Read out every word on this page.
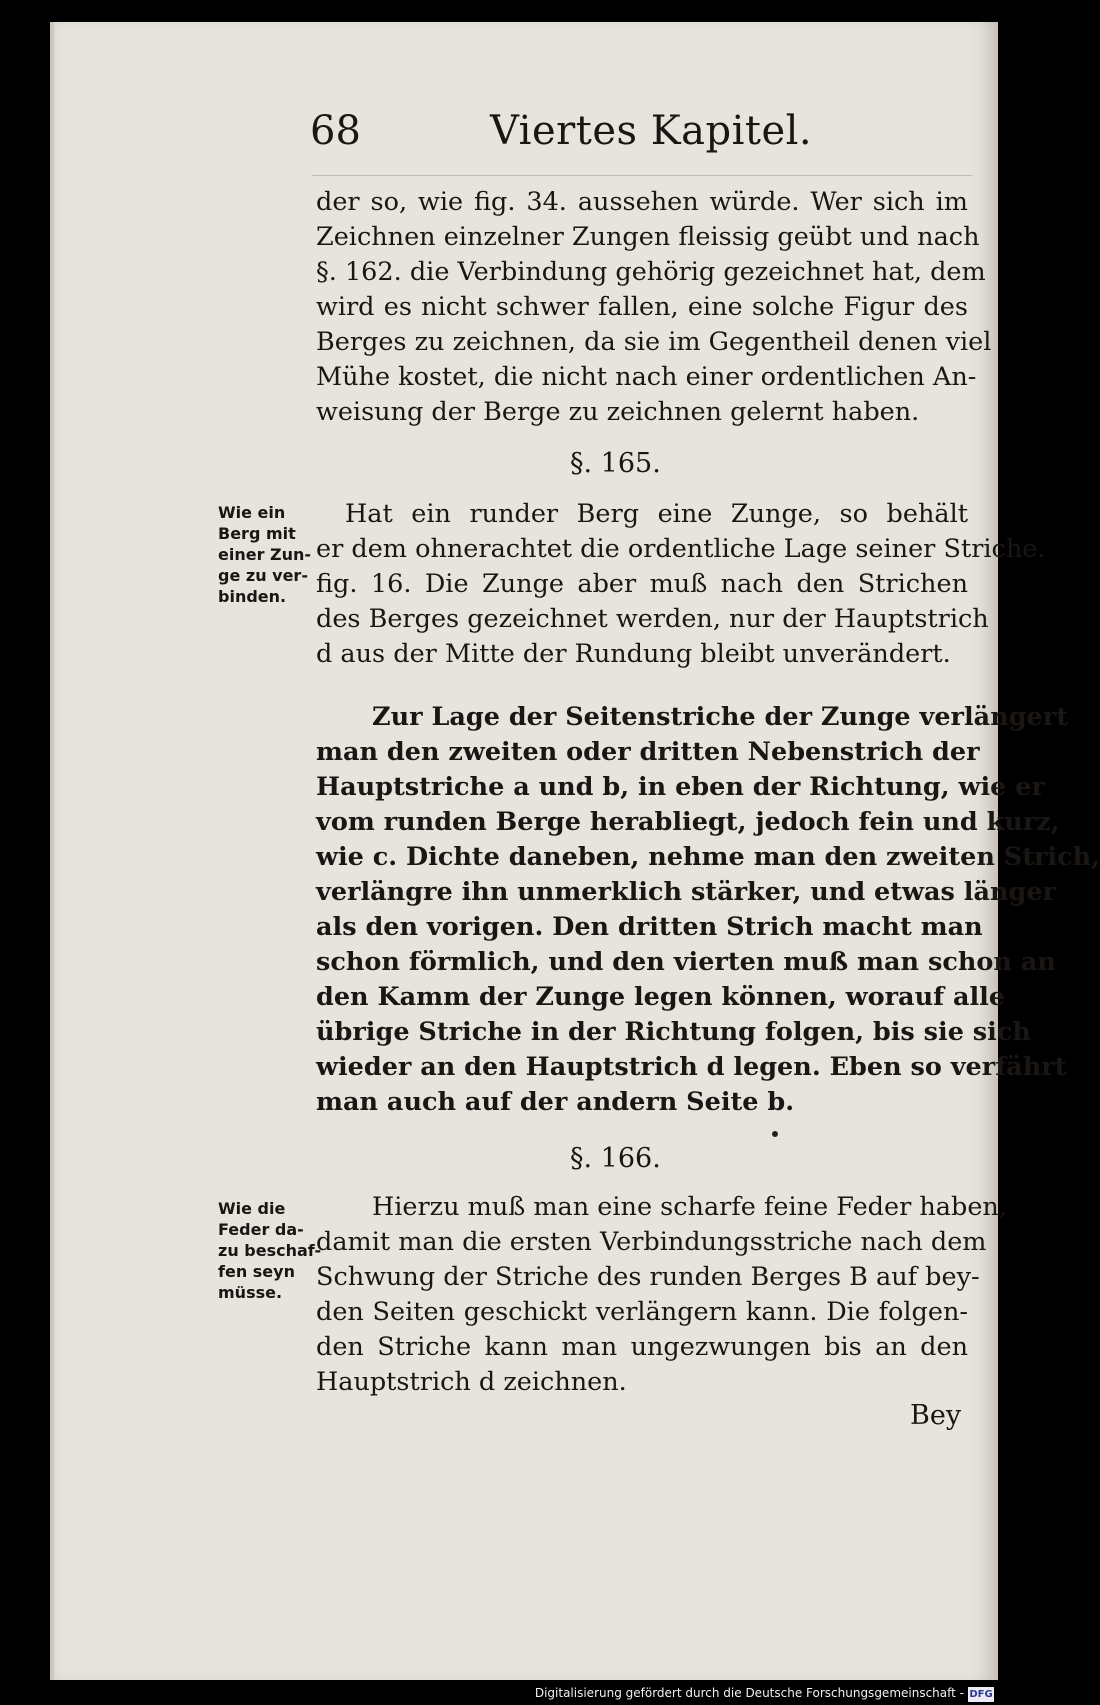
68	Viertes Kapitel.
der so, wie fig. 34. aussehen würde. Wer sich im
Zeichnen einzelner Zungen fleissig geübt und nach
§. 162. die Verbindung gehörig gezeichnet hat, dem
wird es nicht schwer fallen, eine solche Figur des
Berges zu zeichnen, da sie im Gegentheil denen viel
Mühe kostet, die nicht nach einer ordentlichen An-
weisung der Berge zu zeichnen gelernt haben.
§. 165.
Wie ein
Berg mit
einer Zun-
ge zu ver-
binden.
Hat ein runder Berg eine Zunge, so behält
er dem ohnerachtet die ordentliche Lage seiner Striche.
fig. 16. Die Zunge aber muß nach den Strichen
des Berges gezeichnet werden, nur der Hauptstrich
d aus der Mitte der Rundung bleibt unverändert.
Zur Lage der Seitenstriche der Zunge verlängert
man den zweiten oder dritten Nebenstrich der
Hauptstriche a und b, in eben der Richtung, wie er
vom runden Berge herabliegt, jedoch fein und kurz,
wie c. Dichte daneben, nehme man den zweiten Strich,
verlängre ihn unmerklich stärker, und etwas länger
als den vorigen. Den dritten Strich macht man
schon förmlich, und den vierten muß man schon an
den Kamm der Zunge legen können, worauf alle
übrige Striche in der Richtung folgen, bis sie sich
wieder an den Hauptstrich d legen. Eben so verfährt
man auch auf der andern Seite b.
§. 166.
Wie die
Feder da-
zu beschaf-
fen seyn
müsse.
Hierzu muß man eine scharfe feine Feder haben,
damit man die ersten Verbindungsstriche nach dem
Schwung der Striche des runden Berges B auf bey-
den Seiten geschickt verlängern kann. Die folgen-
den Striche kann man ungezwungen bis an den
Hauptstrich d zeichnen.
Bey
Digitalisierung gefördert durch die Deutsche Forschungsgemeinschaft - DFG
